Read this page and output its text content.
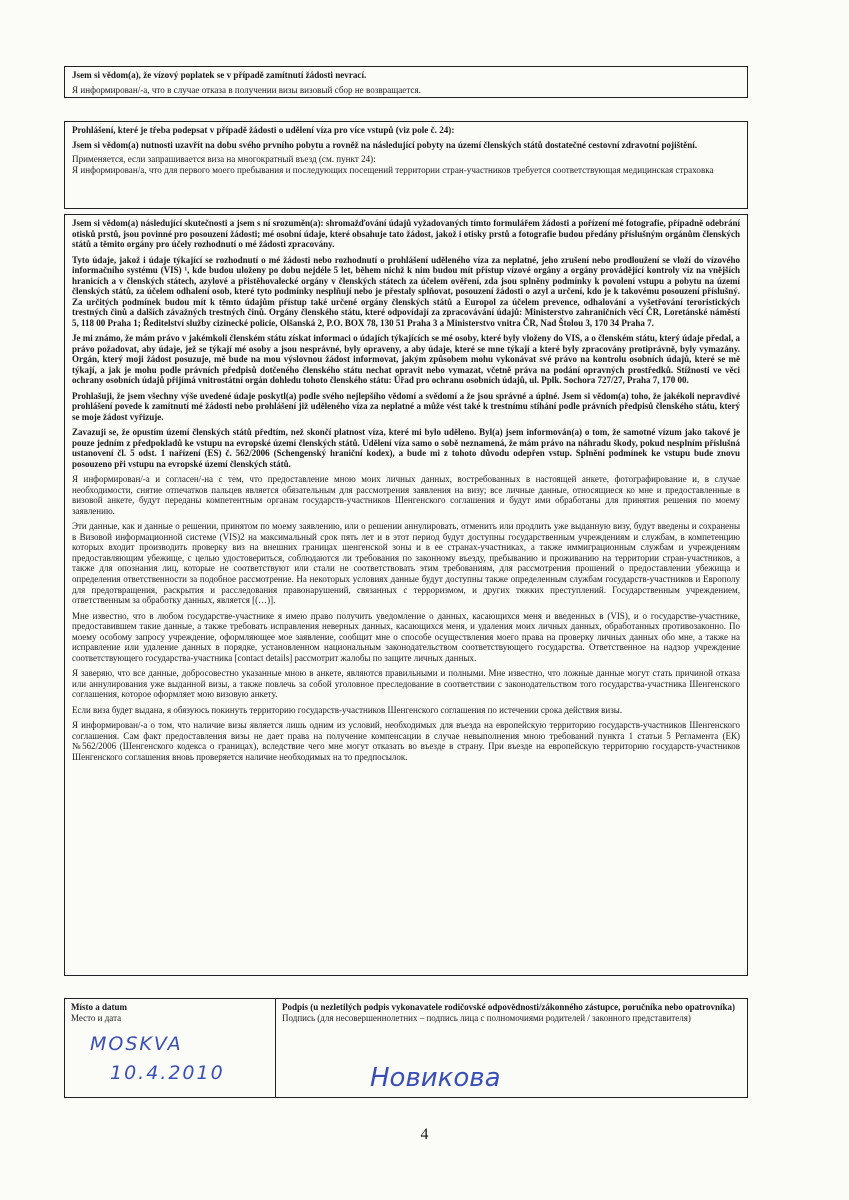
Jsem si vědom(a), že vízový poplatek se v případě zamítnutí žádosti nevrací.

Я информирован/-а, что в случае отказа в получении визы визовый сбор не возвращается.

Prohlášení, které je třeba podepsat v případě žádosti o udělení víza pro více vstupů (viz pole č. 24):

Jsem si vědom(a) nutnosti uzavřít na dobu svého prvního pobytu a rovněž na následující pobyty na území členských států dostatečné cestovní zdravotní pojištění.

Применяется, если запрашивается виза на многократный въезд (см. пункт 24):

Я информирован/а, что для первого моего пребывания и последующих посещений территории стран-участников требуется соответствующая медицинская страховка

Jsem si vědom(a) následující skutečnosti a jsem s ní srozuměn(a): shromažďování údajů vyžadovaných tímto formulářem žádosti a pořízení mé fotografie, případně odebrání otisků prstů, jsou povinné pro posouzení žádosti; mé osobní údaje, které obsahuje tato žádost, jakož i otisky prstů a fotografie budou předány příslušným orgánům členských států a těmito orgány pro účely rozhodnutí o mé žádosti zpracovány.

Tyto údaje, jakož i údaje týkající se rozhodnutí o mé žádosti nebo rozhodnutí o prohlášení uděleného víza za neplatné, jeho zrušení nebo prodloužení se vloží do vízového informačního systému (VIS) ¹, kde budou uloženy po dobu nejdéle 5 let, během nichž k nim budou mít přístup vízové orgány a orgány provádějící kontroly víz na vnějších hranicích a v členských státech, azylové a přistěhovalecké orgány v členských státech za účelem ověření, zda jsou splněny podmínky k povolení vstupu a pobytu na území členských států, za účelem odhalení osob, které tyto podmínky nesplňují nebo je přestaly splňovat, posouzení žádosti o azyl a určení, kdo je k takovému posouzení příslušný. Za určitých podmínek budou mít k těmto údajům přístup také určené orgány členských států a Europol za účelem prevence, odhalování a vyšetřování teroristických trestných činů a dalších závažných trestných činů. Orgány členského státu, které odpovídají za zpracovávání údajů: Ministerstvo zahraničních věcí ČR, Loretánské náměstí 5, 118 00 Praha 1; Ředitelství služby cizinecké policie, Olšanská 2, P.O. BOX 78, 130 51 Praha 3 a Ministerstvo vnitra ČR, Nad Štolou 3, 170 34 Praha 7.

Je mi známo, že mám právo v jakémkoli členském státu získat informaci o údajích týkajících se mé osoby, které byly vloženy do VIS, a o členském státu, který údaje předal, a právo požadovat, aby údaje, jež se týkají mé osoby a jsou nesprávné, byly opraveny, a aby údaje, které se mne týkají a které byly zpracovány protiprávně, byly vymazány. Orgán, který moji žádost posuzuje, mě bude na mou výslovnou žádost informovat, jakým způsobem mohu vykonávat své právo na kontrolu osobních údajů, které se mě týkají, a jak je mohu podle právních předpisů dotčeného členského státu nechat opravit nebo vymazat, včetně práva na podání opravných prostředků. Stížnosti ve věci ochrany osobních údajů přijímá vnitrostátní orgán dohledu tohoto členského státu: Úřad pro ochranu osobních údajů, ul. Pplk. Sochora 727/27, Praha 7, 170 00.

Prohlašuji, že jsem všechny výše uvedené údaje poskytl(a) podle svého nejlepšího vědomí a svědomí a že jsou správné a úplné. Jsem si vědom(a) toho, že jakékoli nepravdivé prohlášení povede k zamítnutí mé žádosti nebo prohlášení již uděleného víza za neplatné a může vést také k trestnímu stíhání podle právních předpisů členského státu, který se moje žádost vyřizuje.

Zavazuji se, že opustím území členských států předtím, než skončí platnost víza, které mi bylo uděleno. Byl(a) jsem informován(a) o tom, že samotné vízum jako takové je pouze jedním z předpokladů ke vstupu na evropské území členských států. Udělení víza samo o sobě neznamená, že mám právo na náhradu škody, pokud nesplním příslušná ustanovení čl. 5 odst. 1 nařízení (ES) č. 562/2006 (Schengenský hraniční kodex), a bude mi z tohoto důvodu odepřen vstup. Splnění podmínek ke vstupu bude znovu posouzeno při vstupu na evropské území členských států.

Я информирован/-а и согласен/-на с тем, что предоставление мною моих личных данных, востребованных в настоящей анкете, фотографирование и, в случае необходимости, снятие отпечатков пальцев является обязательным для рассмотрения заявления на визу; все личные данные, относящиеся ко мне и предоставленные в визовой анкете, будут переданы компетентным органам государств-участников Шенгенского соглашения и будут ими обработаны для принятия решения по моему заявлению.

Эти данные, как и данные о решении, принятом по моему заявлению, или о решении аннулировать, отменить или продлить уже выданную визу, будут введены и сохранены в Визовой информационной системе (VIS)2 на максимальный срок пять лет и в этот период будут доступны государственным учреждениям и службам, в компетенцию которых входит производить проверку виз на внешних границах шенгенской зоны и в ее странах-участниках, а также иммиграционным службам и учреждениям предоставляющим убежище, с целью удостовериться, соблюдаются ли требования по законному въезду, пребыванию и проживанию на территории стран-участников, а также для опознания лиц, которые не соответствуют или стали не соответствовать этим требованиям, для рассмотрения прошений о предоставлении убежища и определения ответственности за подобное рассмотрение. На некоторых условиях данные будут доступны также определенным службам государств-участников и Европолу для предотвращения, раскрытия и расследования правонарушений, связанных с терроризмом, и других тяжких преступлений. Государственным учреждением, ответственным за обработку данных, является [(…)].

Мне известно, что в любом государстве-участнике я имею право получить уведомление о данных, касающихся меня и введенных в (VIS), и о государстве-участнике, предоставившем такие данные, а также требовать исправления неверных данных, касающихся меня, и удаления моих личных данных, обработанных противозаконно. По моему особому запросу учреждение, оформляющее мое заявление, сообщит мне о способе осуществления моего права на проверку личных данных обо мне, а также на исправление или удаление данных в порядке, установленном национальным законодательством соответствующего государства. Ответственное на надзор учреждение соответствующего государства-участника [contact details] рассмотрит жалобы по защите личных данных.

Я заверяю, что все данные, добросовестно указанные мною в анкете, являются правильными и полными. Мне известно, что ложные данные могут стать причиной отказа или аннулирования уже выданной визы, а также повлечь за собой уголовное преследование в соответствии с законодательством того государства-участника Шенгенского соглашения, которое оформляет мою визовую анкету.

Если виза будет выдана, я обязуюсь покинуть территорию государств-участников Шенгенского соглашения по истечении срока действия визы.

Я информирован/-а о том, что наличие визы является лишь одним из условий, необходимых для въезда на европейскую территорию государств-участников Шенгенского соглашения. Сам факт предоставления визы не дает права на получение компенсации в случае невыполнения мною требований пункта 1 статьи 5 Регламента (ЕК) №562/2006 (Шенгенского кодекса о границах), вследствие чего мне могут отказать во въезде в страну. При въезде на европейскую территорию государств-участников Шенгенского соглашения вновь проверяется наличие необходимых на то предпосылок.

Místo a datum
Место и дата
MOSKVA
10.4.2010
Podpis (u nezletilých podpis vykonavatele rodičovské odpovědnosti/zákonného zástupce, poručníka nebo opatrovníka)
Подпись (для несовершеннолетних – подпись лица с полномочиями родителей / законного представителя)
Новикова
4
